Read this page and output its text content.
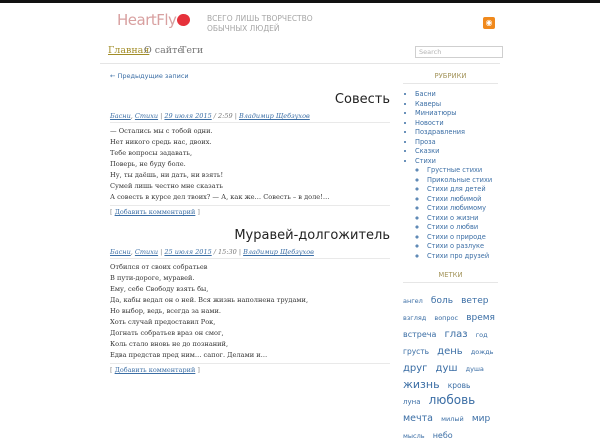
HeartFly	ВСЕГО ЛИШЬ ТВОРЧЕСТВО ОБЫЧНЫХ ЛЮДЕЙ
◉
Главная
О сайте
Теги	Search
← Предыдущие записи
Совесть
Басни, Стихи | 29 июля 2015 / 2:59 | Владимир Щебзухов
— Остались мы с тобой одни.
Нет никого средь нас, двоих.
Тебе вопросы задавать,
Поверь, не буду боле.
Ну, ты даёшь, ни дать, ни взять!
Сумей лишь честно мне сказать
А совесть в курсе дел твоих? — А, как же… Совесть – в доле!…
[ Добавить комментарий ]
Муравей-долгожитель
Басни, Стихи | 25 июля 2015 / 15:30 | Владимир Щебзухов
Отбился от своих собратьев
В пути-дороге, муравей.
Ему, себе Свободу взять бы,
Да, кабы ведал он о ней. Вся жизнь наполнена трудами,
Но выбор, ведь, всегда за нами.
Хоть случай предоставил Рок,
Догнать собратьев враз он смог,
Коль стало вновь не до познаний,
Едва представ пред ним… сапог. Делами и…
[ Добавить комментарий ]
РУБРИКИ
• Басни
• Каверы
• Миниатюры
• Новости
• Поздравления
• Проза
• Сказки
• Стихи
◦ Грустные стихи
◦ Прикольные стихи
◦ Стихи для детей
◦ Стихи любимой
◦ Стихи любимому
◦ Стихи о жизни
◦ Стихи о любви
◦ Стихи о природе
◦ Стихи о разлуке
◦ Стихи про друзей
МЕТКИ
ангел боль ветер взгляд вопрос время встреча глаз год грусть день дождь друг душ душа жизнь кровь луна любовь мечта милый мир мысль небо
